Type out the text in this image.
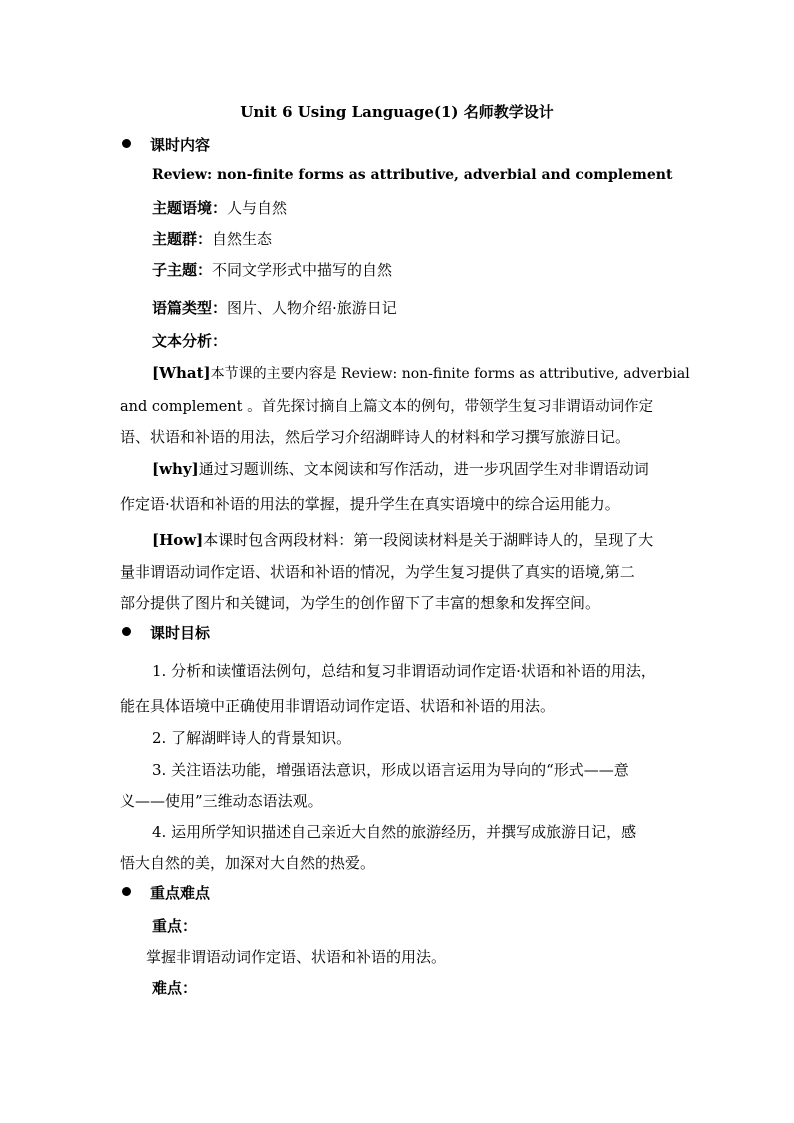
Unit 6 Using Language(1) 名师教学设计
课时内容
Review: non-finite forms as attributive, adverbial and complement
主题语境：人与自然
主题群：自然生态
子主题：不同文学形式中描写的自然
语篇类型：图片、人物介绍·旅游日记
文本分析：
[What]本节课的主要内容是 Review: non-finite forms as attributive, adverbial
and complement 。首先探讨摘自上篇文本的例句，带领学生复习非谓语动词作定
语、状语和补语的用法，然后学习介绍湖畔诗人的材料和学习撰写旅游日记。
[why]通过习题训练、文本阅读和写作活动，进一步巩固学生对非谓语动词
作定语·状语和补语的用法的掌握，提升学生在真实语境中的综合运用能力。
[How]本课时包含两段材料：第一段阅读材料是关于湖畔诗人的，呈现了大
量非谓语动词作定语、状语和补语的情况，为学生复习提供了真实的语境,第二
部分提供了图片和关键词，为学生的创作留下了丰富的想象和发挥空间。
课时目标
1. 分析和读懂语法例句，总结和复习非谓语动词作定语·状语和补语的用法，
能在具体语境中正确使用非谓语动词作定语、状语和补语的用法。
2. 了解湖畔诗人的背景知识。
3. 关注语法功能，增强语法意识，形成以语言运用为导向的“形式——意
义——使用”三维动态语法观。
4. 运用所学知识描述自己亲近大自然的旅游经历，并撰写成旅游日记，感
悟大自然的美，加深对大自然的热爱。
重点难点
重点：
掌握非谓语动词作定语、状语和补语的用法。
难点：
